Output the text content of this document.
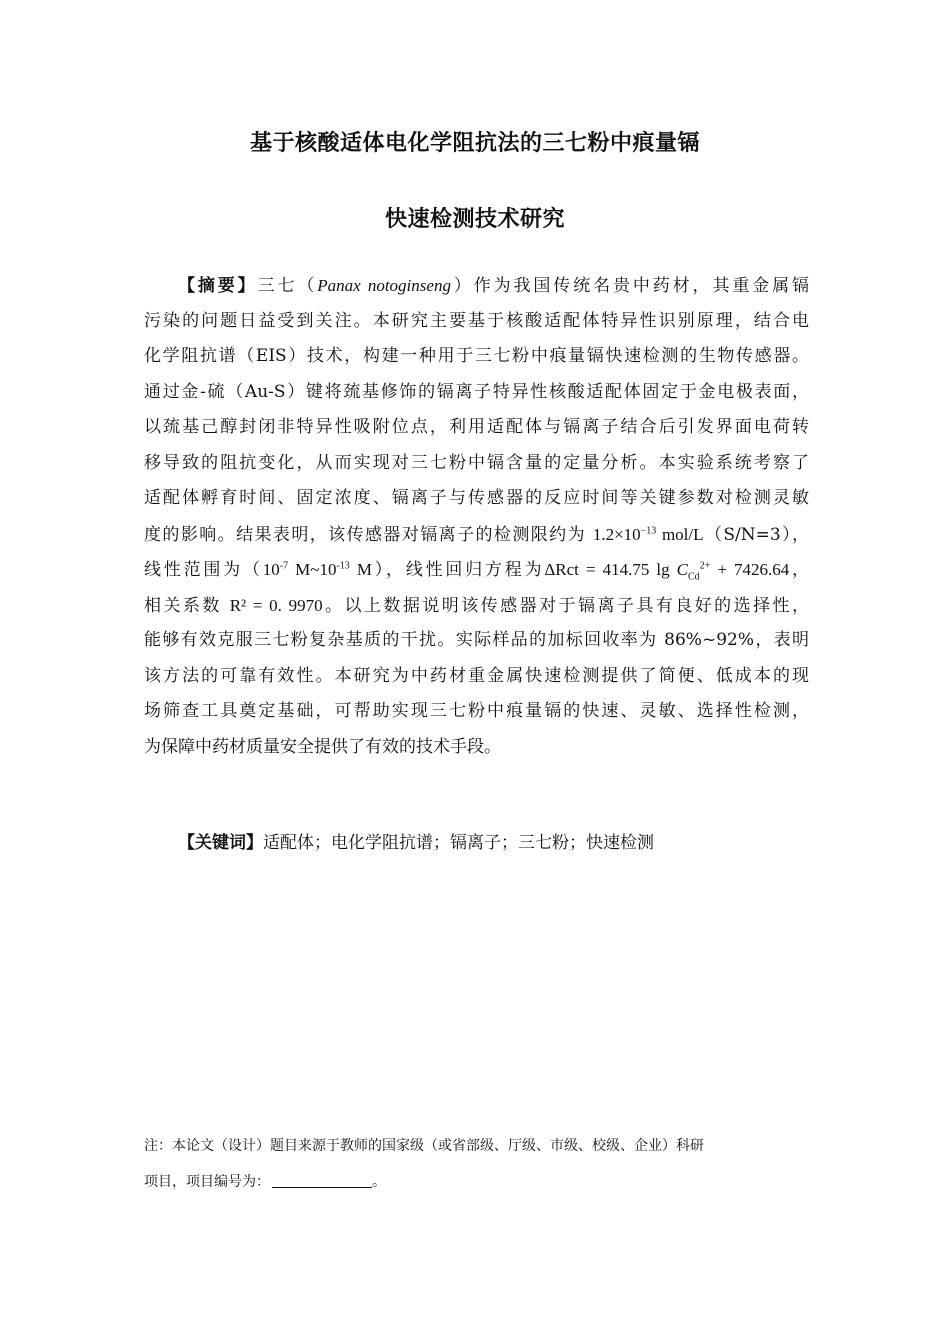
基于核酸适体电化学阻抗法的三七粉中痕量镉
快速检测技术研究
【摘要】三七（Panax notoginseng）作为我国传统名贵中药材，其重金属镉
污染的问题日益受到关注。本研究主要基于核酸适配体特异性识别原理，结合电
化学阻抗谱（EIS）技术，构建一种用于三七粉中痕量镉快速检测的生物传感器。
通过金-硫（Au-S）键将巯基修饰的镉离子特异性核酸适配体固定于金电极表面，
以巯基己醇封闭非特异性吸附位点，利用适配体与镉离子结合后引发界面电荷转
移导致的阻抗变化，从而实现对三七粉中镉含量的定量分析。本实验系统考察了
适配体孵育时间、固定浓度、镉离子与传感器的反应时间等关键参数对检测灵敏
度的影响。结果表明，该传感器对镉离子的检测限约为 $1.2\times 10^{-13}$ mol/L（S/N=3），
线性范围为（$10^{-7}$ $M\sim 10^{-13}$ M），线性回归方程为ΔRct = 414.75 $\lg C_{Cd}^{2+} + 7426.64$，
相关系数 R² = 0. 9970。以上数据说明该传感器对于镉离子具有良好的选择性，
能够有效克服三七粉复杂基质的干扰。实际样品的加标回收率为 86%~92%，表明
该方法的可靠有效性。本研究为中药材重金属快速检测提供了简便、低成本的现
场筛查工具奠定基础，可帮助实现三七粉中痕量镉的快速、灵敏、选择性检测，
为保障中药材质量安全提供了有效的技术手段。
【关键词】适配体；电化学阻抗谱；镉离子；三七粉；快速检测
注：本论文（设计）题目来源于教师的国家级（或省部级、厅级、市级、校级、企业）科研
项目，项目编号为：	。
